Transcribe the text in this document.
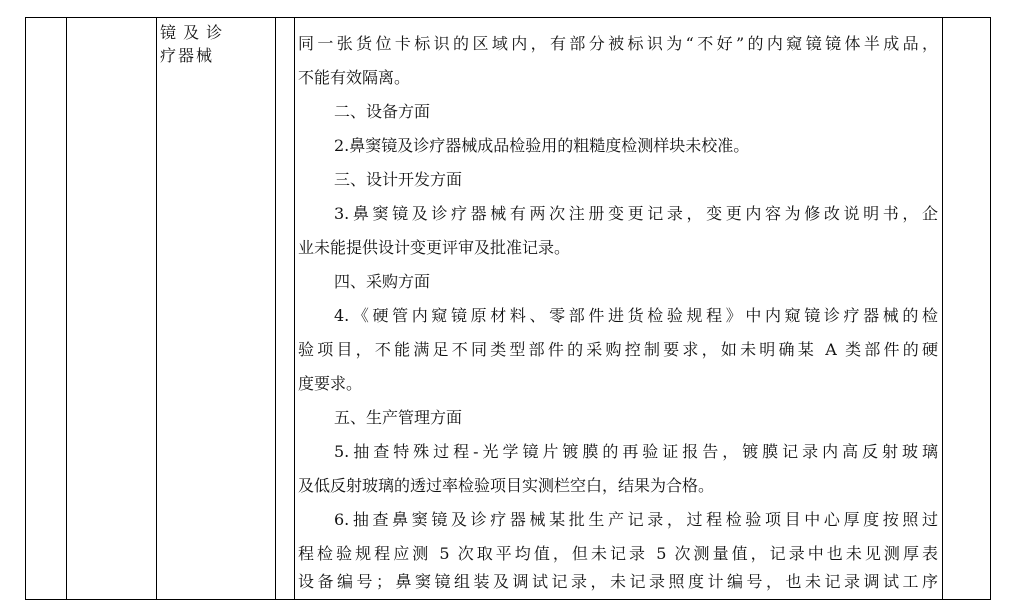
镜 及 诊
疗器械
同一张货位卡标识的区域内，有部分被标识为“不好”的内窥镜镜体半成品，
不能有效隔离。
二、设备方面
2.鼻窦镜及诊疗器械成品检验用的粗糙度检测样块未校准。
三、设计开发方面
3.鼻窦镜及诊疗器械有两次注册变更记录，变更内容为修改说明书，企
业未能提供设计变更评审及批准记录。
四、采购方面
4.《硬管内窥镜原材料、零部件进货检验规程》中内窥镜诊疗器械的检
验项目，不能满足不同类型部件的采购控制要求，如未明确某 A 类部件的硬
度要求。
五、生产管理方面
5.抽查特殊过程-光学镜片镀膜的再验证报告，镀膜记录内高反射玻璃
及低反射玻璃的透过率检验项目实测栏空白，结果为合格。
6.抽查鼻窦镜及诊疗器械某批生产记录，过程检验项目中心厚度按照过
程检验规程应测 5 次取平均值，但未记录 5 次测量值，记录中也未见测厚表
设备编号；鼻窦镜组装及调试记录，未记录照度计编号，也未记录调试工序
